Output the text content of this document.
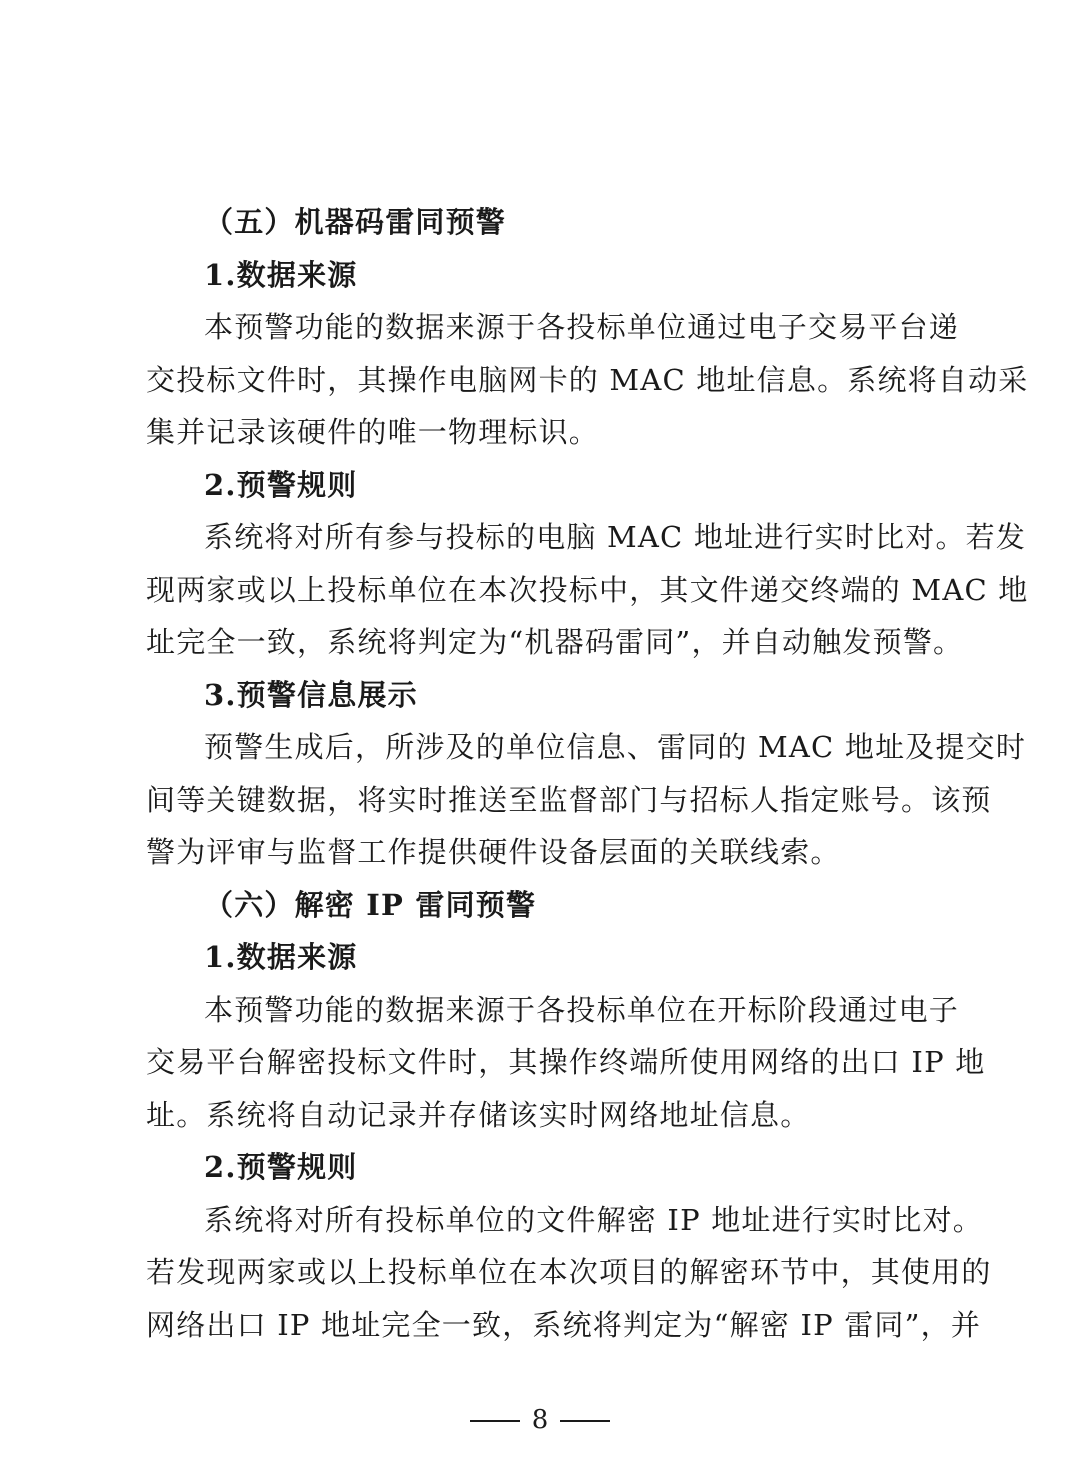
（五）机器码雷同预警
1.数据来源
本预警功能的数据来源于各投标单位通过电子交易平台递
交投标文件时，其操作电脑网卡的 MAC 地址信息。系统将自动采
集并记录该硬件的唯一物理标识。
2.预警规则
系统将对所有参与投标的电脑 MAC 地址进行实时比对。若发
现两家或以上投标单位在本次投标中，其文件递交终端的 MAC 地
址完全一致，系统将判定为“机器码雷同”，并自动触发预警。
3.预警信息展示
预警生成后，所涉及的单位信息、雷同的 MAC 地址及提交时
间等关键数据，将实时推送至监督部门与招标人指定账号。该预
警为评审与监督工作提供硬件设备层面的关联线索。
（六）解密 IP 雷同预警
1.数据来源
本预警功能的数据来源于各投标单位在开标阶段通过电子
交易平台解密投标文件时，其操作终端所使用网络的出口 IP 地
址。系统将自动记录并存储该实时网络地址信息。
2.预警规则
系统将对所有投标单位的文件解密 IP 地址进行实时比对。
若发现两家或以上投标单位在本次项目的解密环节中，其使用的
网络出口 IP 地址完全一致，系统将判定为“解密 IP 雷同”，并
8
